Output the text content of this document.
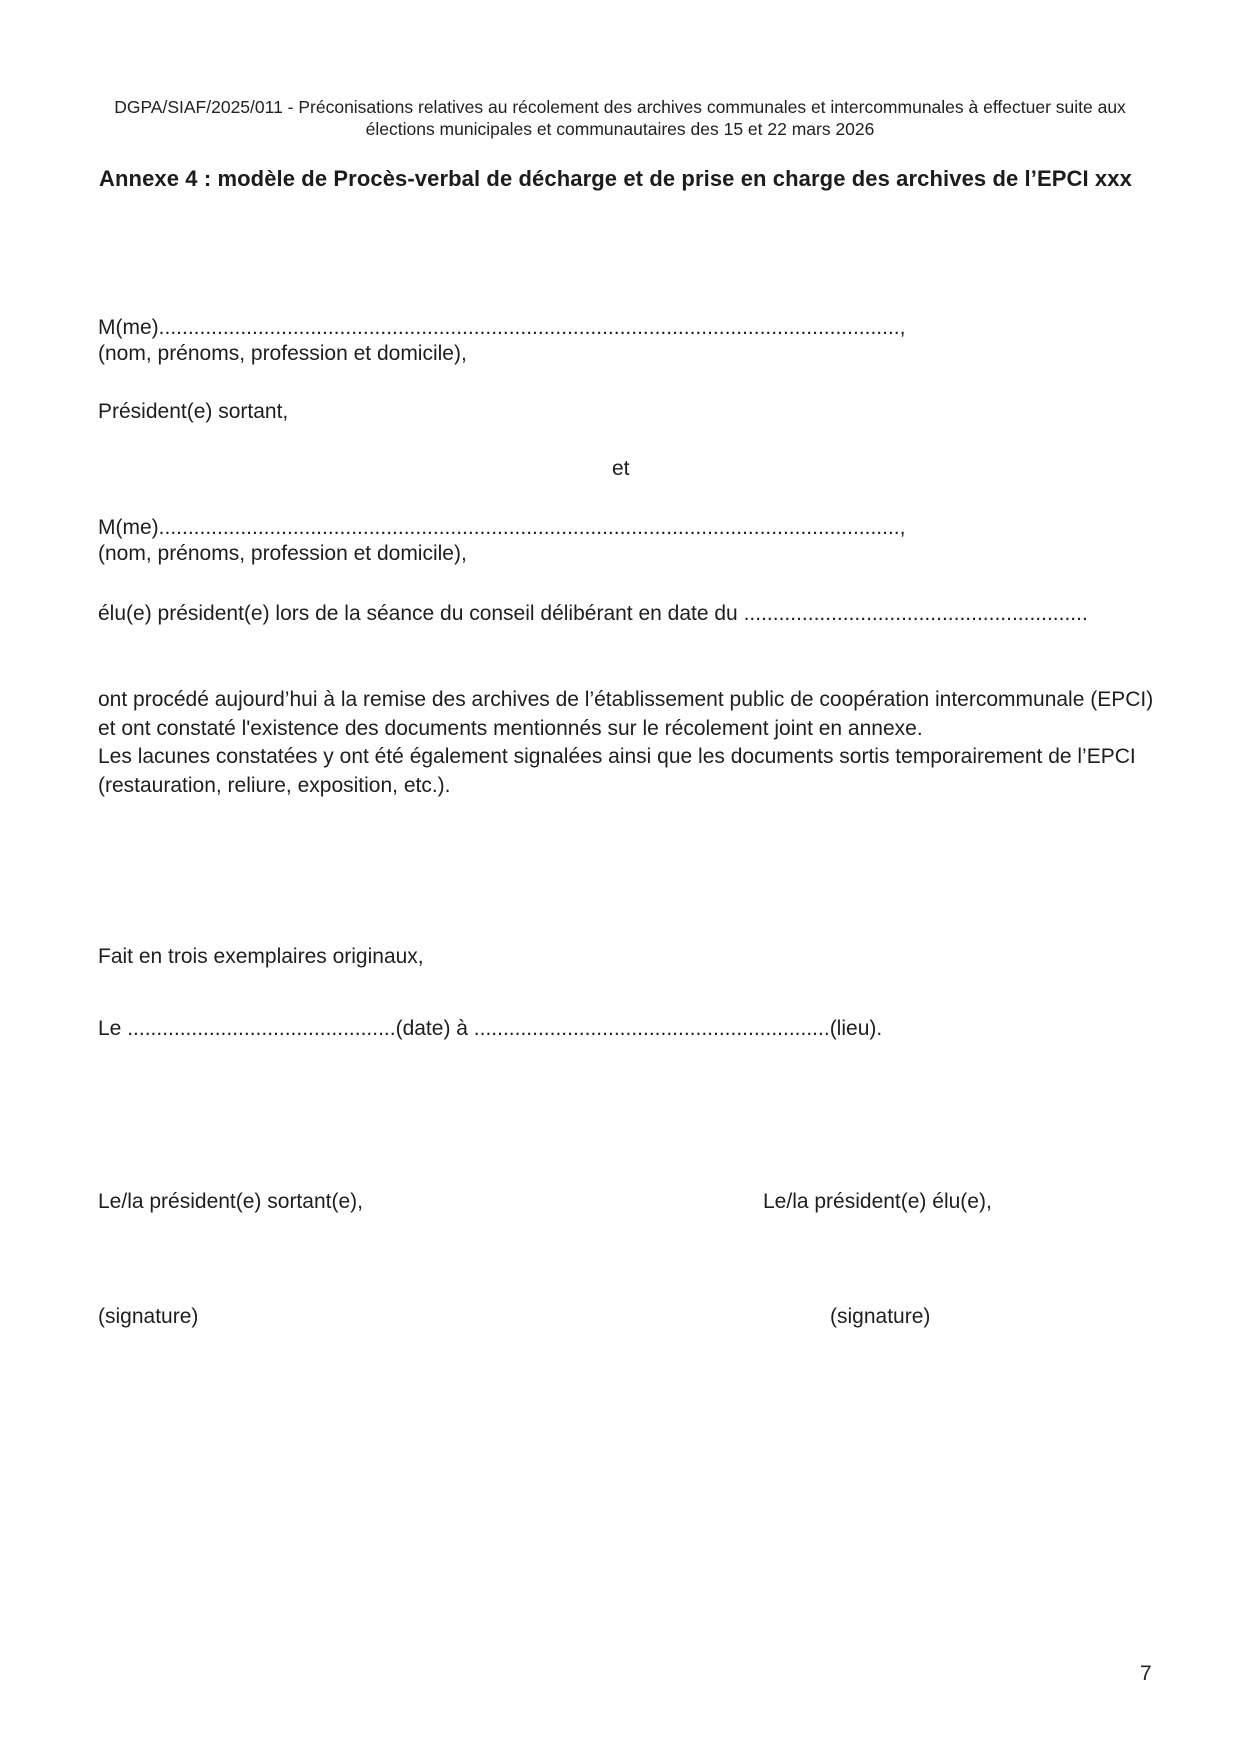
DGPA/SIAF/2025/011 - Préconisations relatives au récolement des archives communales et intercommunales à effectuer suite aux
élections municipales et communautaires des 15 et 22 mars 2026
Annexe 4 : modèle de Procès-verbal de décharge et de prise en charge des archives de l’EPCI xxx
M(me)...............................................................................................................................,
(nom, prénoms, profession et domicile),
Président(e) sortant,
et
M(me)...............................................................................................................................,
(nom, prénoms, profession et domicile),
élu(e) président(e) lors de la séance du conseil délibérant en date du ...........................................................
ont procédé aujourd’hui à la remise des archives de l’établissement public de coopération intercommunale (EPCI) et ont constaté l'existence des documents mentionnés sur le récolement joint en annexe.
Les lacunes constatées y ont été également signalées ainsi que les documents sortis temporairement de l’EPCI (restauration, reliure, exposition, etc.).
Fait en trois exemplaires originaux,
Le ..............................................(date) à .............................................................(lieu).
Le/la président(e) sortant(e),	Le/la président(e) élu(e),
(signature)	(signature)
7
